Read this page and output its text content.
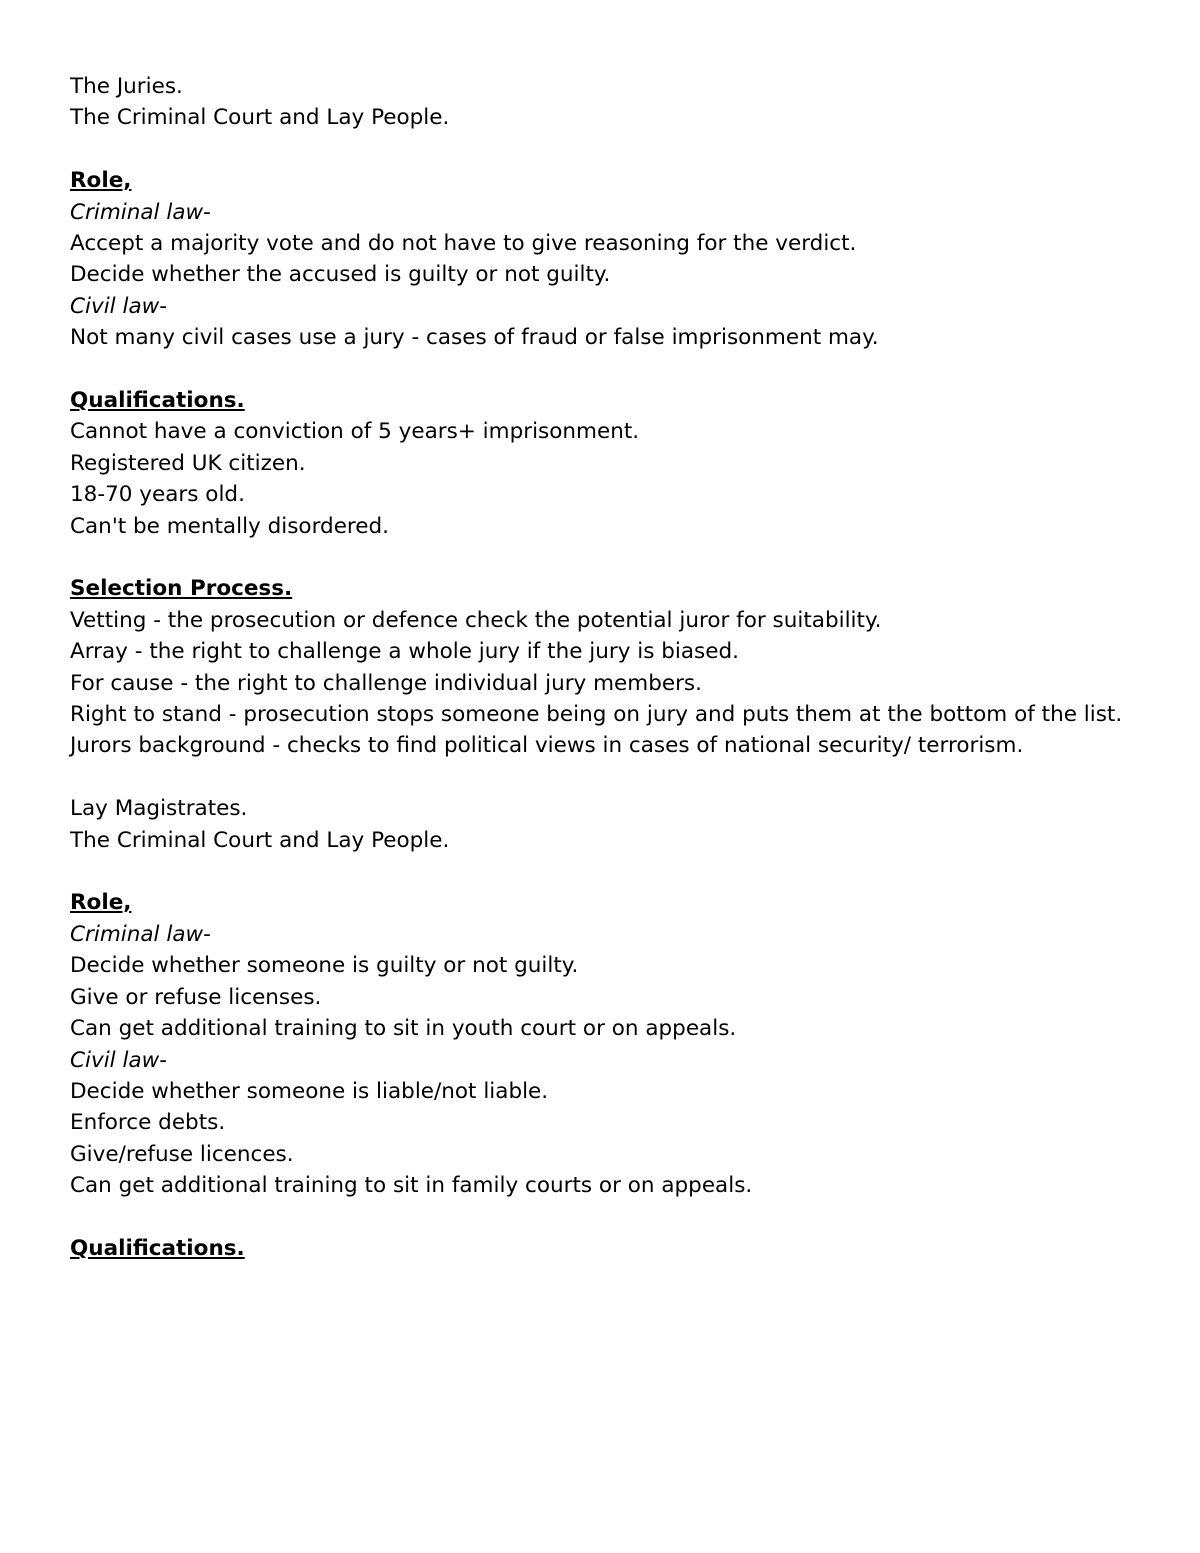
The Juries.
The Criminal Court and Lay People.
Role,
Criminal law-
Accept a majority vote and do not have to give reasoning for the verdict.
Decide whether the accused is guilty or not guilty.
Civil law-
Not many civil cases use a jury - cases of fraud or false imprisonment may.
Qualifications.
Cannot have a conviction of 5 years+ imprisonment.
Registered UK citizen.
18-70 years old.
Can't be mentally disordered.
Selection Process.
Vetting - the prosecution or defence check the potential juror for suitability.
Array - the right to challenge a whole jury if the jury is biased.
For cause - the right to challenge individual jury members.
Right to stand - prosecution stops someone being on jury and puts them at the bottom of the list.
Jurors background - checks to find political views in cases of national security/ terrorism.
Lay Magistrates.
The Criminal Court and Lay People.
Role,
Criminal law-
Decide whether someone is guilty or not guilty.
Give or refuse licenses.
Can get additional training to sit in youth court or on appeals.
Civil law-
Decide whether someone is liable/not liable.
Enforce debts.
Give/refuse licences.
Can get additional training to sit in family courts or on appeals.
Qualifications.
